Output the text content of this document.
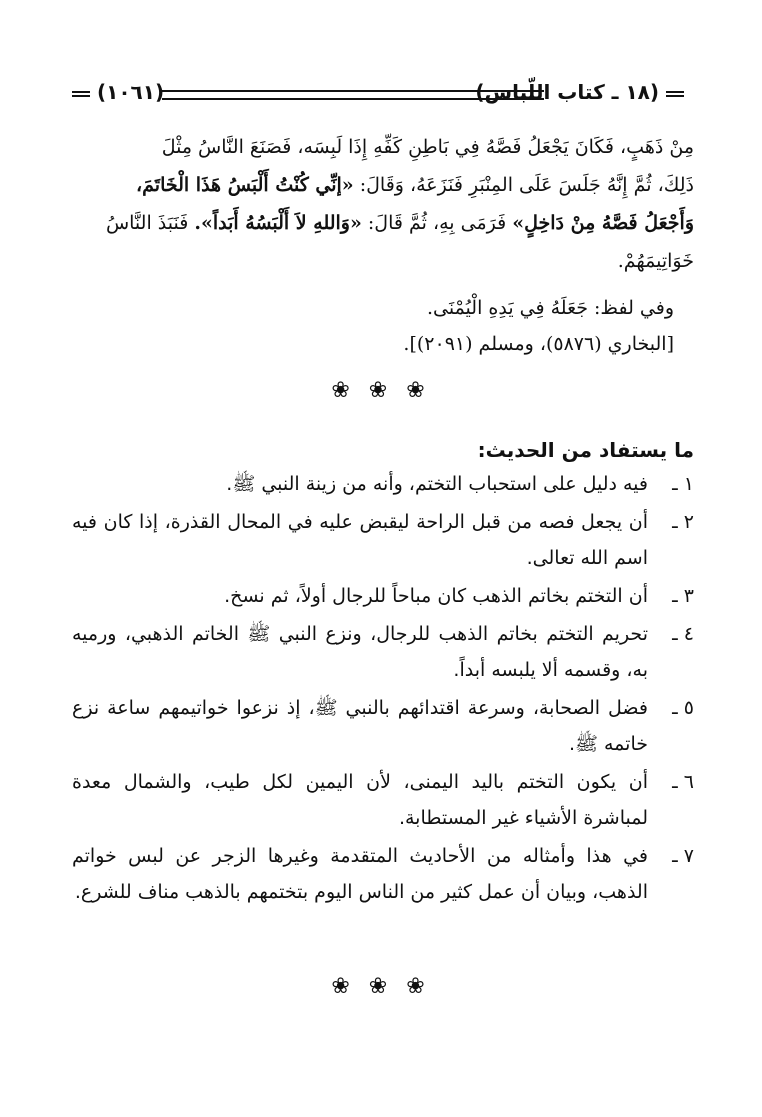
(١٨ ـ كتاب اللّباس)
(١٠٦١)

مِنْ ذَهَبٍ، فَكَانَ يَجْعَلُ فَصَّهُ فِي بَاطِنِ كَفِّهِ إِذَا لَبِسَه، فَصَنَعَ النَّاسُ مِثْلَ

ذَلِكَ، ثُمَّ إِنَّهُ جَلَسَ عَلَى المِنْبَرِ فَنَزَعَهُ، وَقَالَ: «إنِّي كُنْتُ أَلْبَسُ هَذَا الْخَاتَمَ،

وَأَجْعَلُ فَصَّهُ مِنْ دَاخِلٍ» فَرَمَى بِهِ، ثُمَّ قَالَ: «وَاللهِ لاَ أَلْبَسُهُ أَبَداً». فَنَبَذَ النَّاسُ

خَوَاتِيمَهُمْ.

وفي لفظ: جَعَلَهُ فِي يَدِهِ الْيُمْنَى.

[البخاري (٥٨٧٦)، ومسلم (٢٠٩١)].

❀ ❀ ❀
ما يستفاد من الحديث:
١ ـ
فيه دليل على استحباب التختم، وأنه من زينة النبي ﷺ.
٢ ـ
أن يجعل فصه من قبل الراحة ليقبض عليه في المحال القذرة، إذا كان فيه اسم الله تعالى.
٣ ـ
أن التختم بخاتم الذهب كان مباحاً للرجال أولاً، ثم نسخ.
٤ ـ
تحريم التختم بخاتم الذهب للرجال، ونزع النبي ﷺ الخاتم الذهبي، ورميه به، وقسمه ألا يلبسه أبداً.
٥ ـ
فضل الصحابة، وسرعة اقتدائهم بالنبي ﷺ، إذ نزعوا خواتيمهم ساعة نزع خاتمه ﷺ.
٦ ـ
أن يكون التختم باليد اليمنى، لأن اليمين لكل طيب، والشمال معدة لمباشرة الأشياء غير المستطابة.
٧ ـ
في هذا وأمثاله من الأحاديث المتقدمة وغيرها الزجر عن لبس خواتم الذهب، وبيان أن عمل كثير من الناس اليوم بتختمهم بالذهب مناف للشرع.
❀ ❀ ❀
